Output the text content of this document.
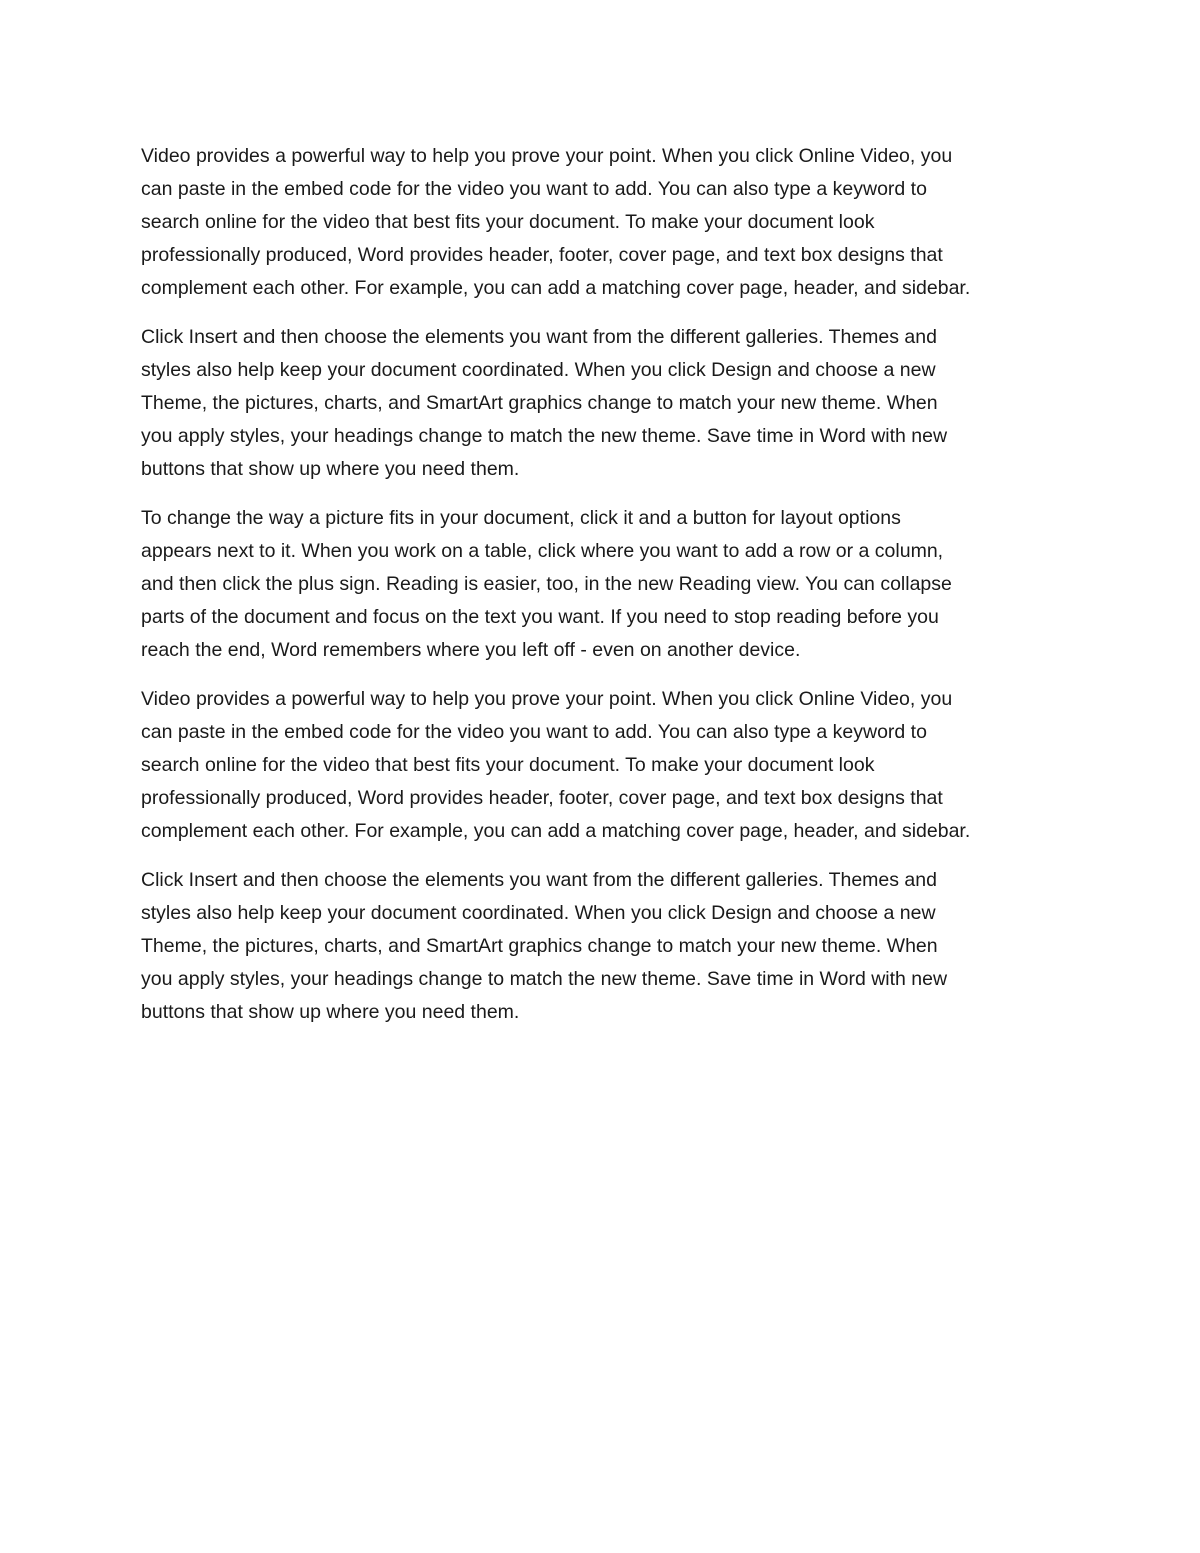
Video provides a powerful way to help you prove your point. When you click Online Video, you
can paste in the embed code for the video you want to add. You can also type a keyword to
search online for the video that best fits your document. To make your document look
professionally produced, Word provides header, footer, cover page, and text box designs that
complement each other. For example, you can add a matching cover page, header, and sidebar.
Click Insert and then choose the elements you want from the different galleries. Themes and
styles also help keep your document coordinated. When you click Design and choose a new
Theme, the pictures, charts, and SmartArt graphics change to match your new theme. When
you apply styles, your headings change to match the new theme. Save time in Word with new
buttons that show up where you need them.
To change the way a picture fits in your document, click it and a button for layout options
appears next to it. When you work on a table, click where you want to add a row or a column,
and then click the plus sign. Reading is easier, too, in the new Reading view. You can collapse
parts of the document and focus on the text you want. If you need to stop reading before you
reach the end, Word remembers where you left off - even on another device.
Video provides a powerful way to help you prove your point. When you click Online Video, you
can paste in the embed code for the video you want to add. You can also type a keyword to
search online for the video that best fits your document. To make your document look
professionally produced, Word provides header, footer, cover page, and text box designs that
complement each other. For example, you can add a matching cover page, header, and sidebar.
Click Insert and then choose the elements you want from the different galleries. Themes and
styles also help keep your document coordinated. When you click Design and choose a new
Theme, the pictures, charts, and SmartArt graphics change to match your new theme. When
you apply styles, your headings change to match the new theme. Save time in Word with new
buttons that show up where you need them.
